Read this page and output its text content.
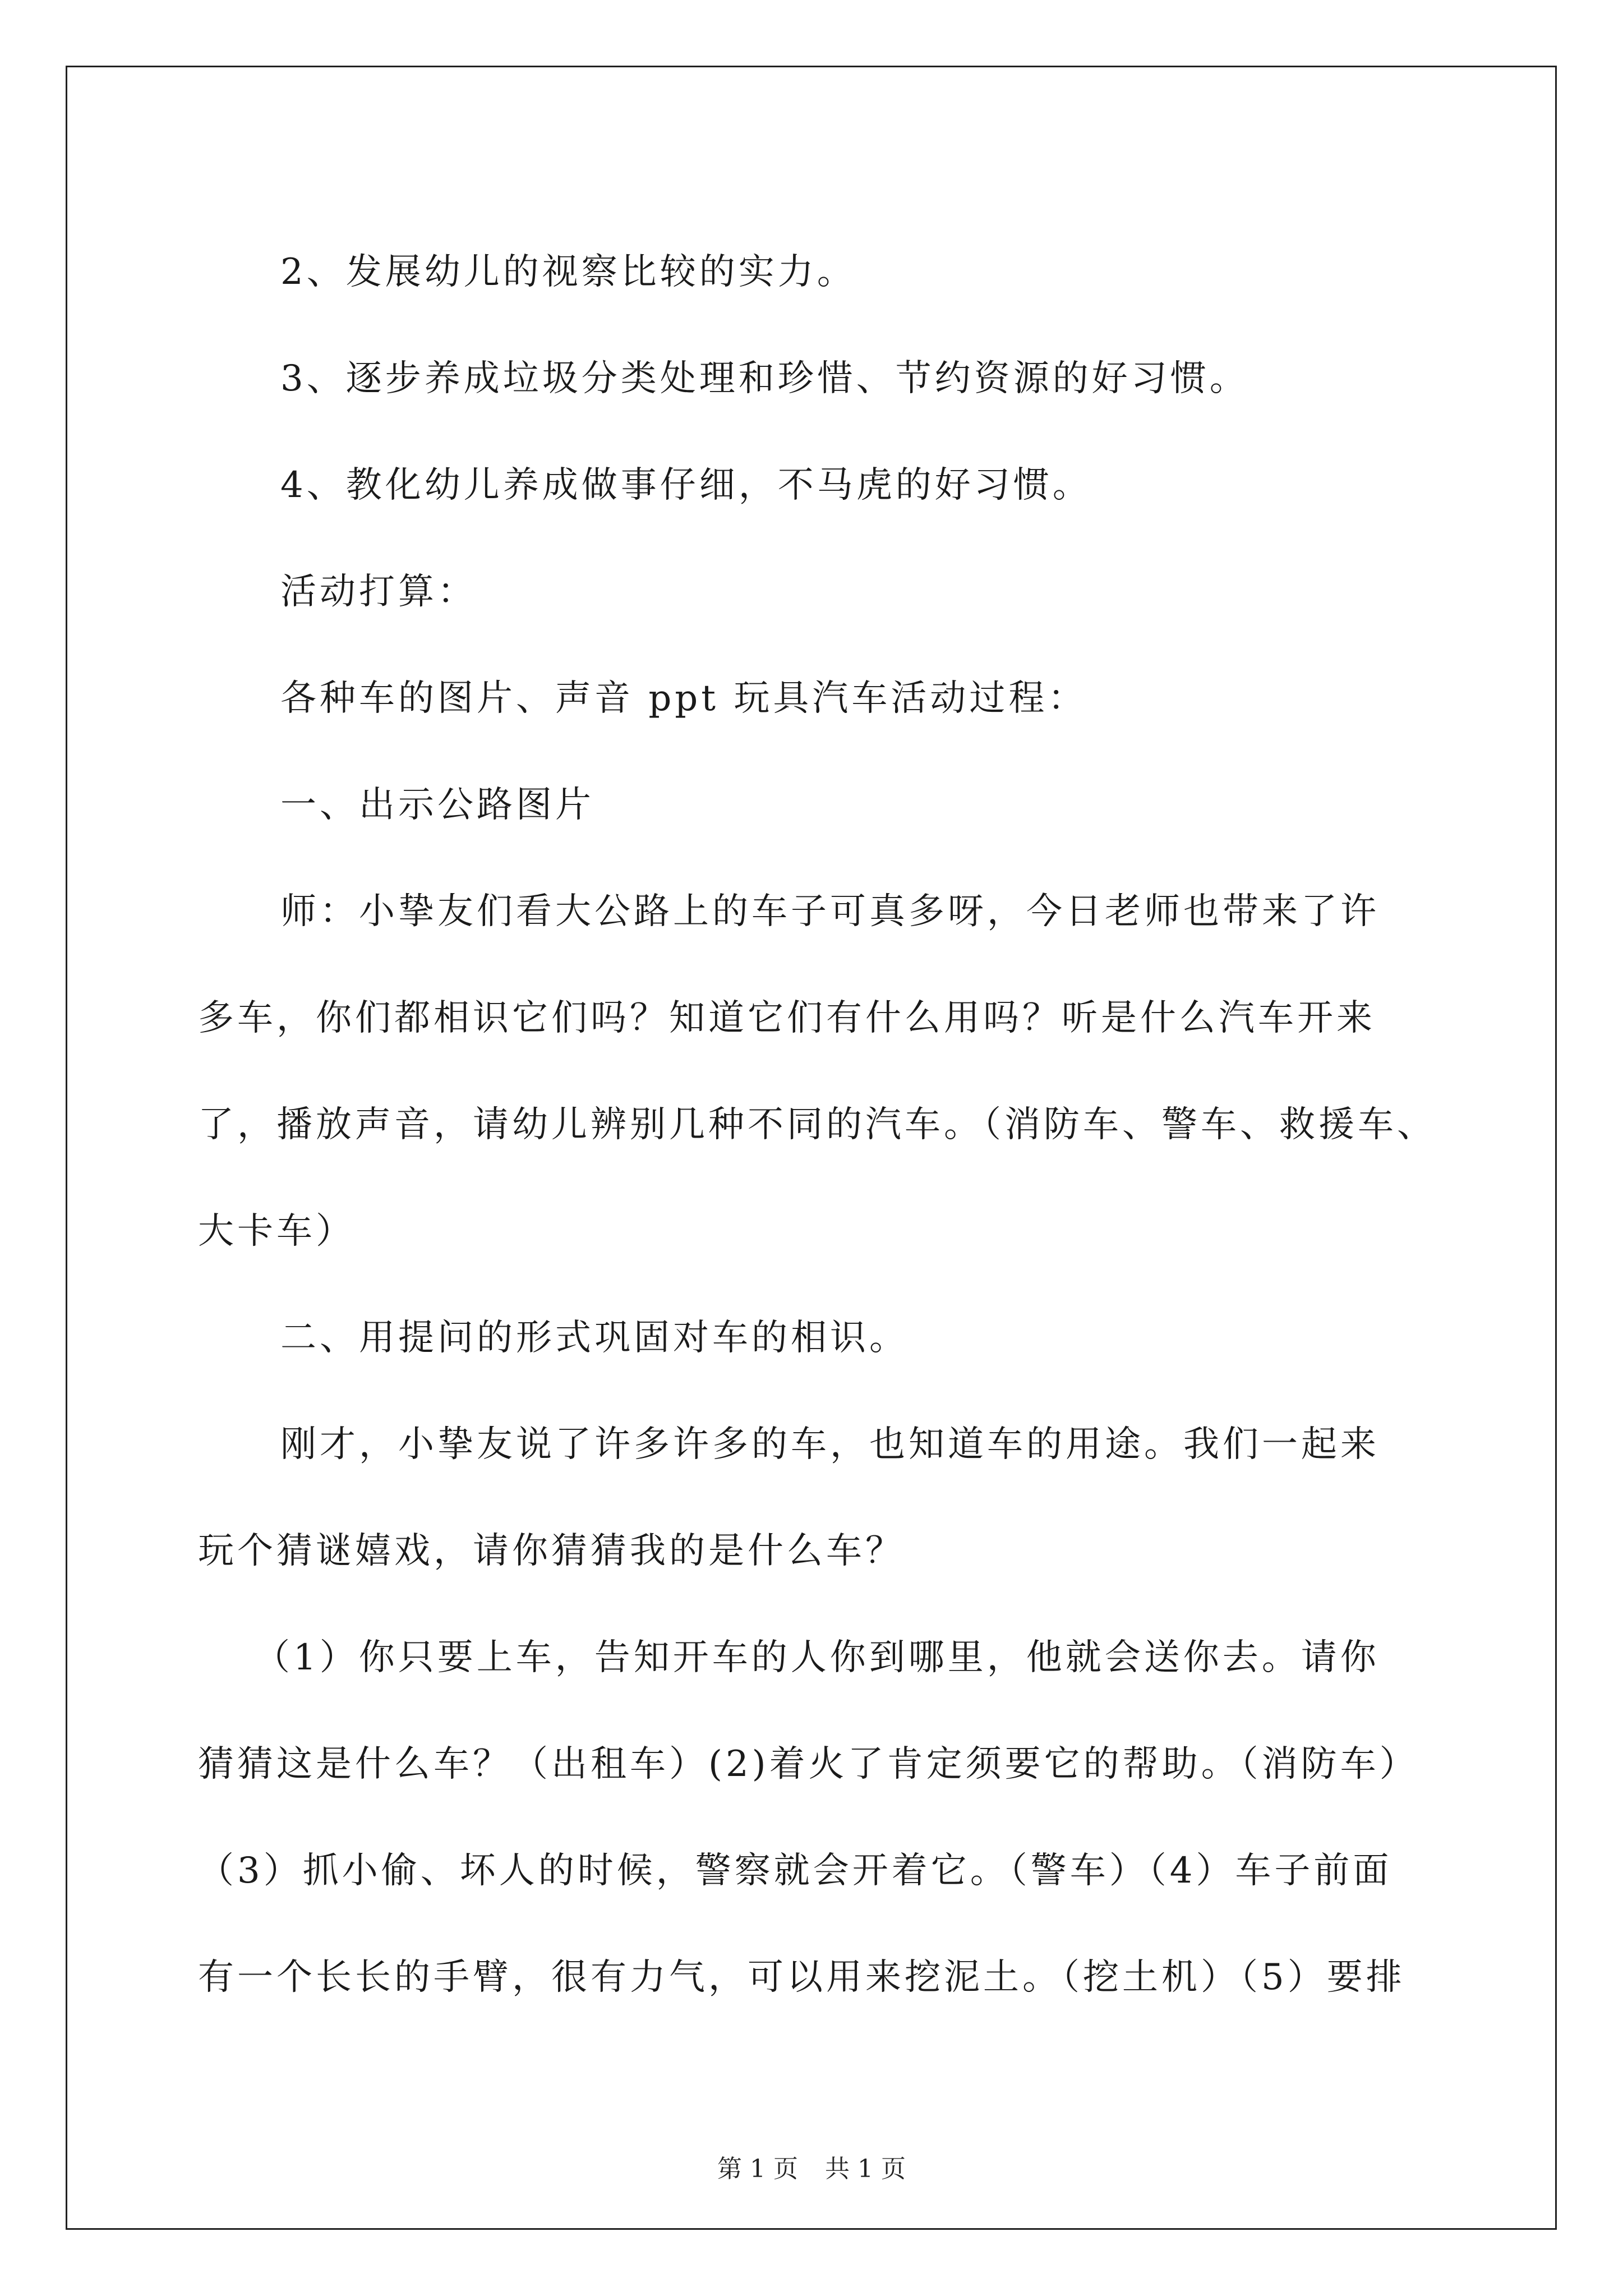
2、发展幼儿的视察比较的实力。

3、逐步养成垃圾分类处理和珍惜、节约资源的好习惯。

4、教化幼儿养成做事仔细，不马虎的好习惯。

活动打算：

各种车的图片、声音 ppt 玩具汽车活动过程：

一、出示公路图片

师：小挚友们看大公路上的车子可真多呀，今日老师也带来了许
多车，你们都相识它们吗？知道它们有什么用吗？听是什么汽车开来
了，播放声音，请幼儿辨别几种不同的汽车。（消防车、警车、救援车、
大卡车）

二、用提问的形式巩固对车的相识。

刚才，小挚友说了许多许多的车，也知道车的用途。我们一起来
玩个猜谜嬉戏，请你猜猜我的是什么车？

（1）你只要上车，告知开车的人你到哪里，他就会送你去。请你
猜猜这是什么车？（出租车）(2)着火了肯定须要它的帮助。（消防车）
（3）抓小偷、坏人的时候，警察就会开着它。（警车）（4）车子前面
有一个长长的手臂，很有力气，可以用来挖泥土。（挖土机）（5）要排

第 1 页 共 1 页
